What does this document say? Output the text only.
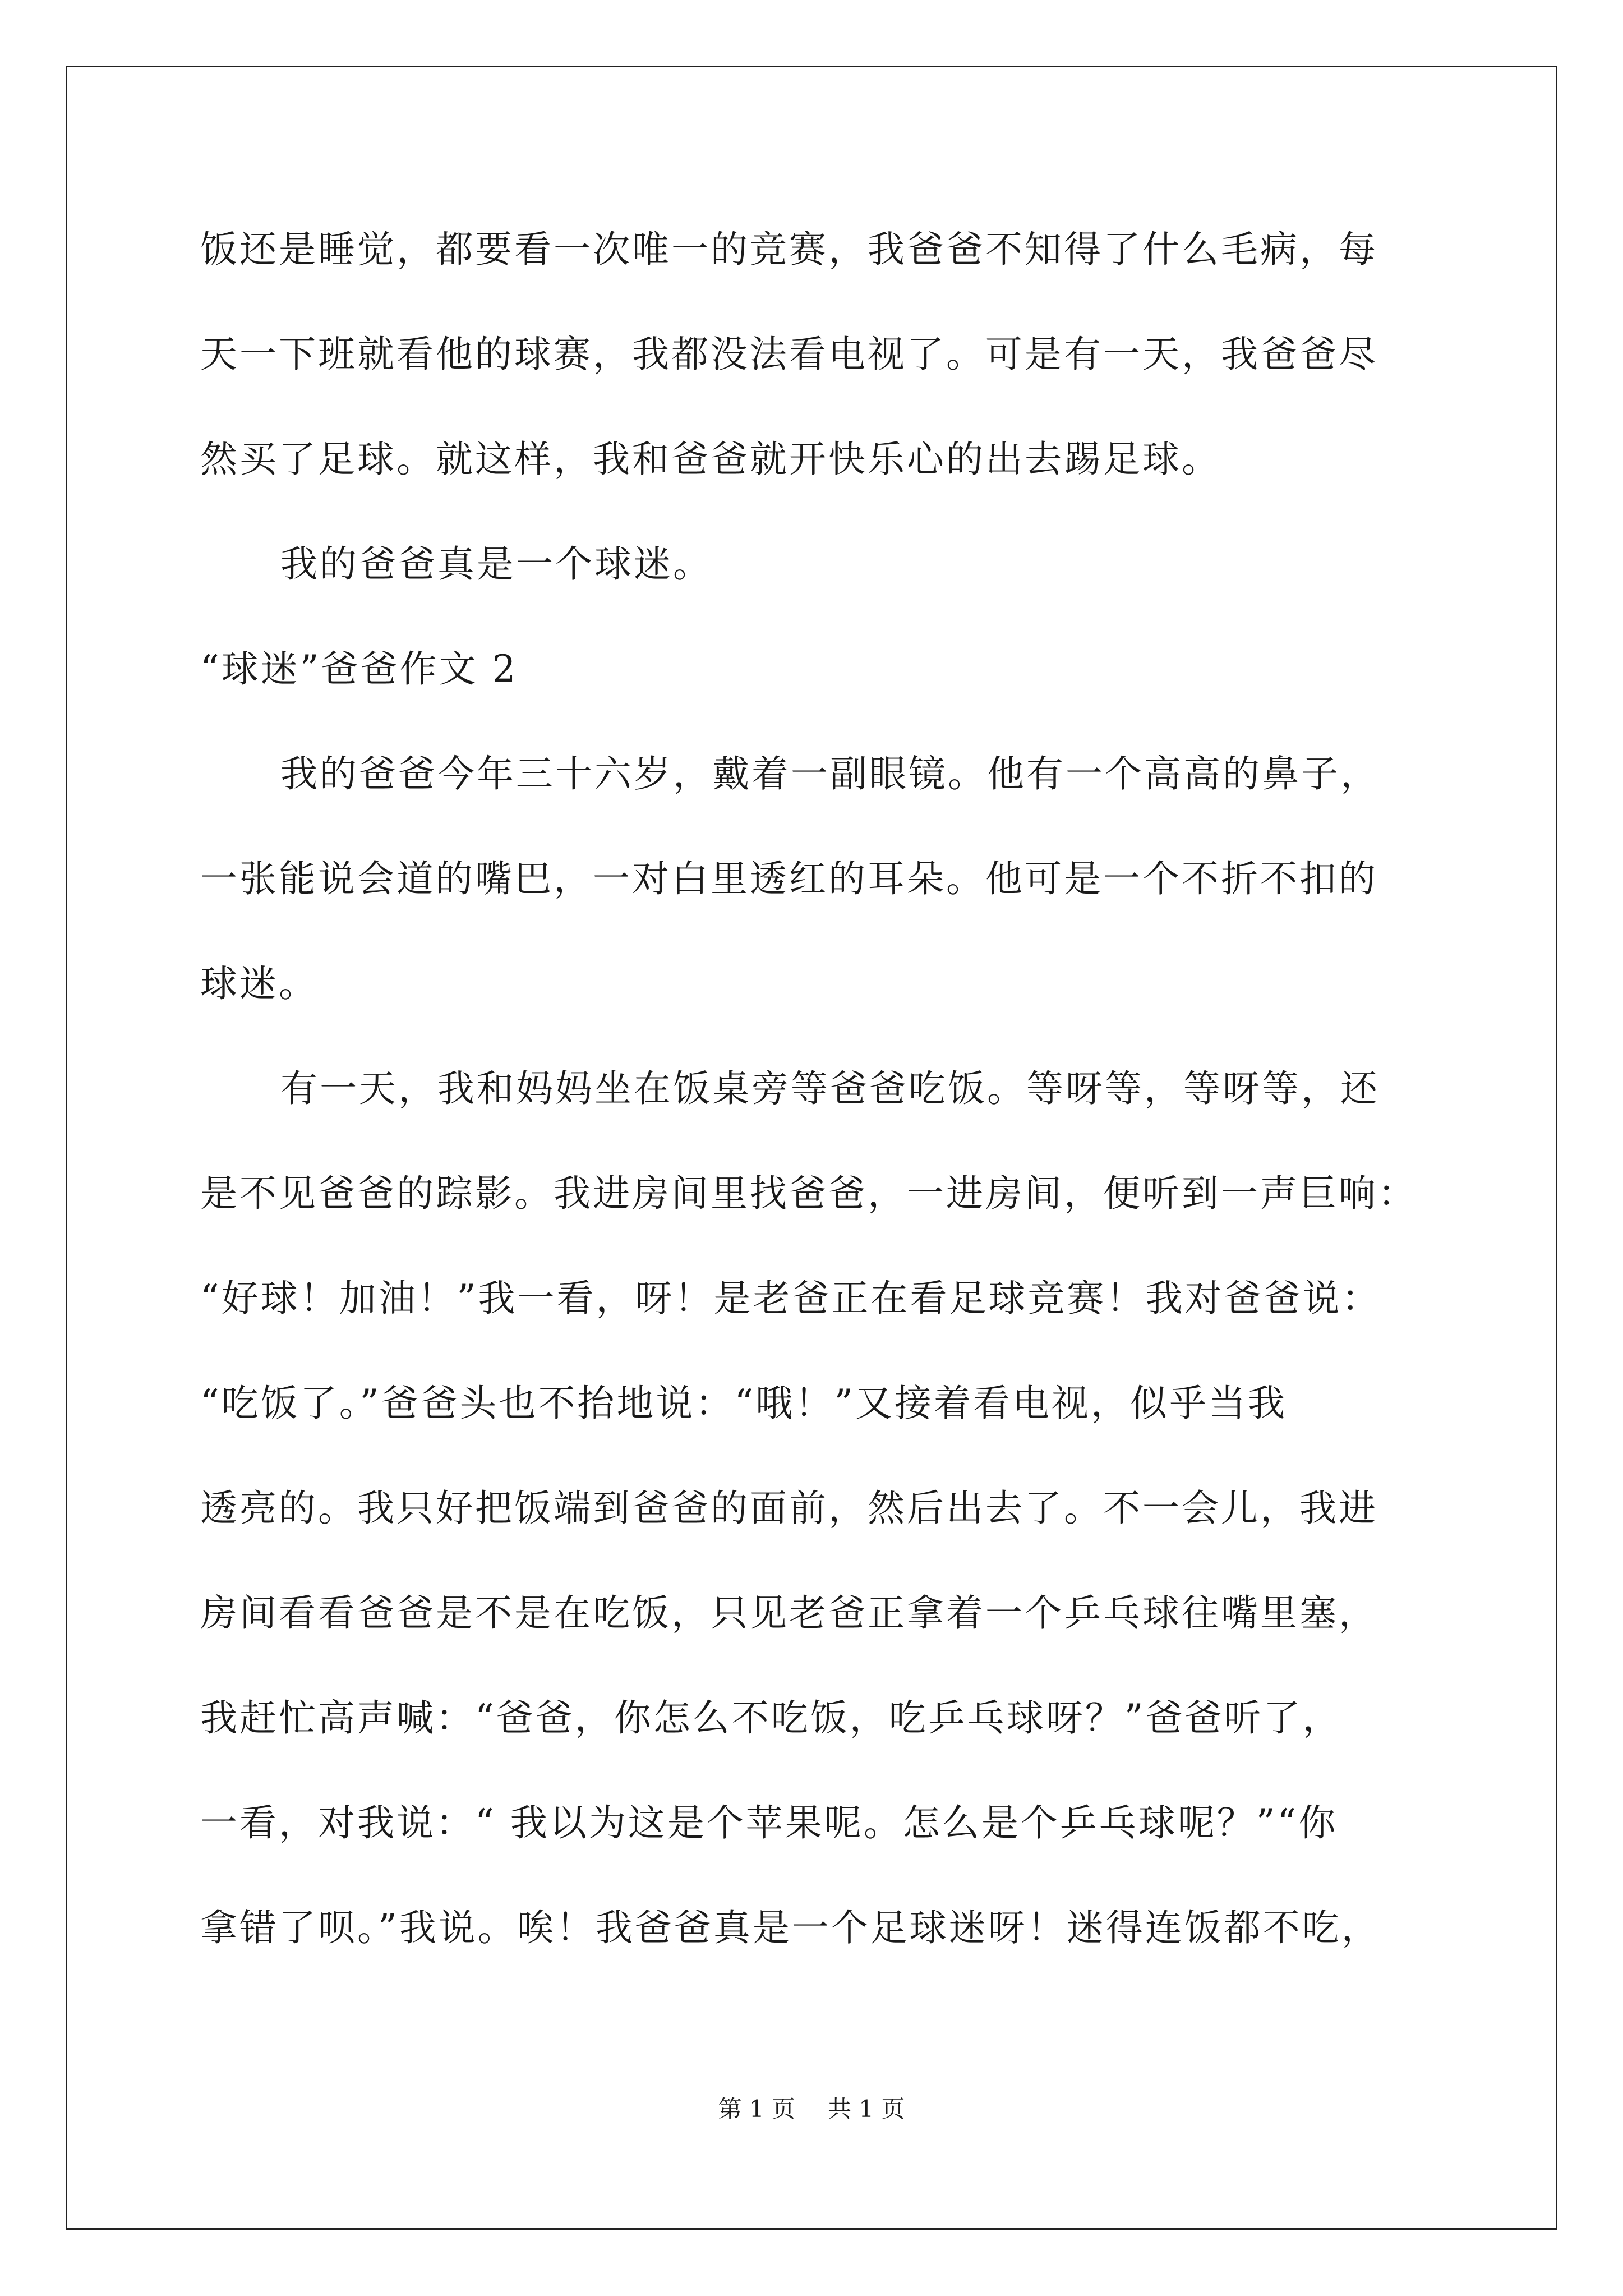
饭还是睡觉，都要看一次唯一的竞赛，我爸爸不知得了什么毛病，每
天一下班就看他的球赛，我都没法看电视了。可是有一天，我爸爸尽
然买了足球。就这样，我和爸爸就开快乐心的出去踢足球。
我的爸爸真是一个球迷。
“球迷”爸爸作文 2
我的爸爸今年三十六岁，戴着一副眼镜。他有一个高高的鼻子，
一张能说会道的嘴巴，一对白里透红的耳朵。他可是一个不折不扣的
球迷。
有一天，我和妈妈坐在饭桌旁等爸爸吃饭。等呀等，等呀等，还
是不见爸爸的踪影。我进房间里找爸爸，一进房间，便听到一声巨响：
“好球！加油！”我一看，呀！是老爸正在看足球竞赛！我对爸爸说：
“吃饭了。”爸爸头也不抬地说：“哦！”又接着看电视，似乎当我
透亮的。我只好把饭端到爸爸的面前，然后出去了。不一会儿，我进
房间看看爸爸是不是在吃饭，只见老爸正拿着一个乒乓球往嘴里塞，
我赶忙高声喊：“爸爸，你怎么不吃饭，吃乒乓球呀？”爸爸听了，
一看，对我说：“ 我以为这是个苹果呢。怎么是个乒乓球呢？”“你
拿错了呗。”我说。唉！我爸爸真是一个足球迷呀！迷得连饭都不吃，
第 1 页 共 1 页
